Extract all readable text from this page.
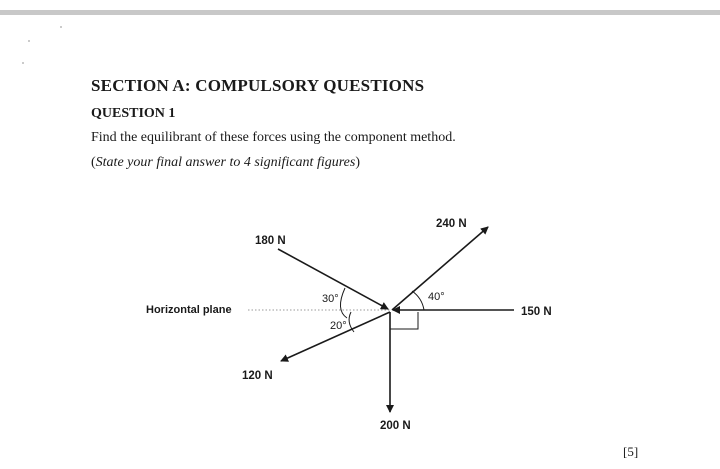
SECTION A: COMPULSORY QUESTIONS
QUESTION 1
Find the equilibrant of these forces using the component method.
(State your final answer to 4 significant figures)
Horizontal plane
180 N
240 N
150 N
120 N
200 N
30°	40°
20°
[5]
